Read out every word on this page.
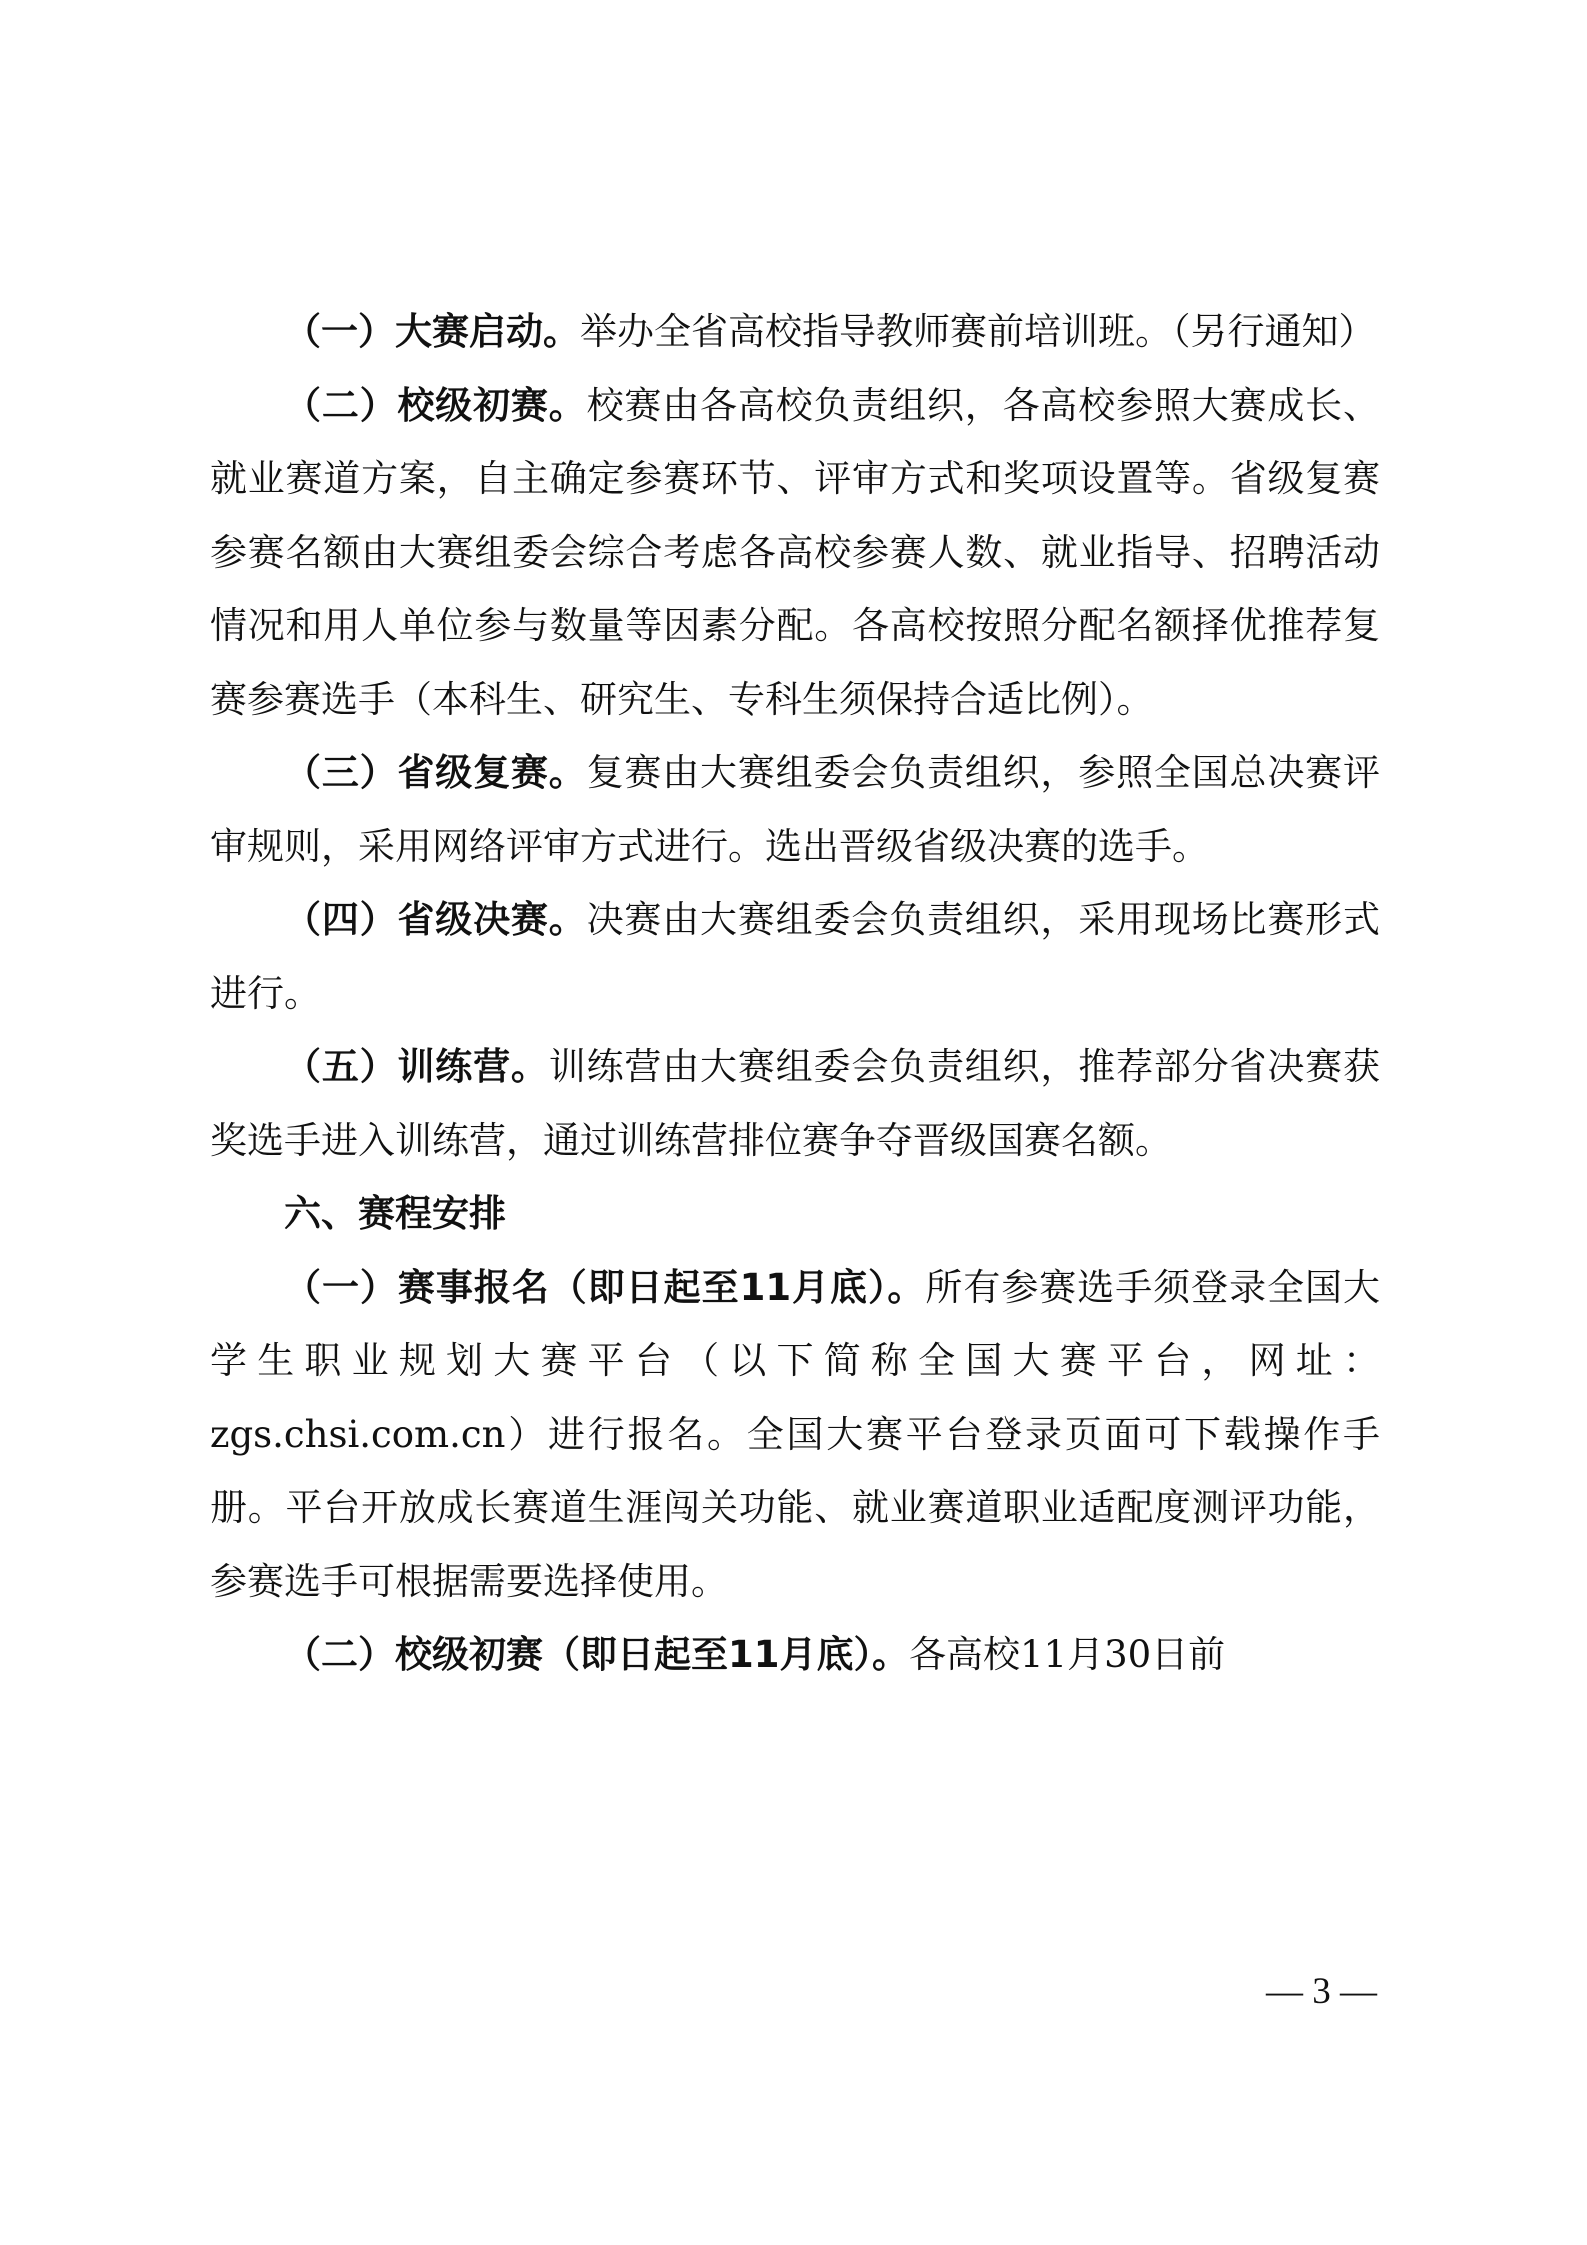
（一）大赛启动。举办全省高校指导教师赛前培训班。（另行通知）

（二）校级初赛。校赛由各高校负责组织，各高校参照大赛成长、就业赛道方案，自主确定参赛环节、评审方式和奖项设置等。省级复赛参赛名额由大赛组委会综合考虑各高校参赛人数、就业指导、招聘活动情况和用人单位参与数量等因素分配。各高校按照分配名额择优推荐复赛参赛选手（本科生、研究生、专科生须保持合适比例）。

（三）省级复赛。复赛由大赛组委会负责组织，参照全国总决赛评审规则，采用网络评审方式进行。选出晋级省级决赛的选手。

（四）省级决赛。决赛由大赛组委会负责组织，采用现场比赛形式进行。

（五）训练营。训练营由大赛组委会负责组织，推荐部分省决赛获奖选手进入训练营，通过训练营排位赛争夺晋级国赛名额。

六、赛程安排

（一）赛事报名（即日起至11月底）。所有参赛选手须登录全国大学生职业规划大赛平台（以下简称全国大赛平台，网址：zgs.chsi.com.cn）进行报名。全国大赛平台登录页面可下载操作手册。平台开放成长赛道生涯闯关功能、就业赛道职业适配度测评功能，参赛选手可根据需要选择使用。

（二）校级初赛（即日起至11月底）。各高校11月30日前

— 3 —
